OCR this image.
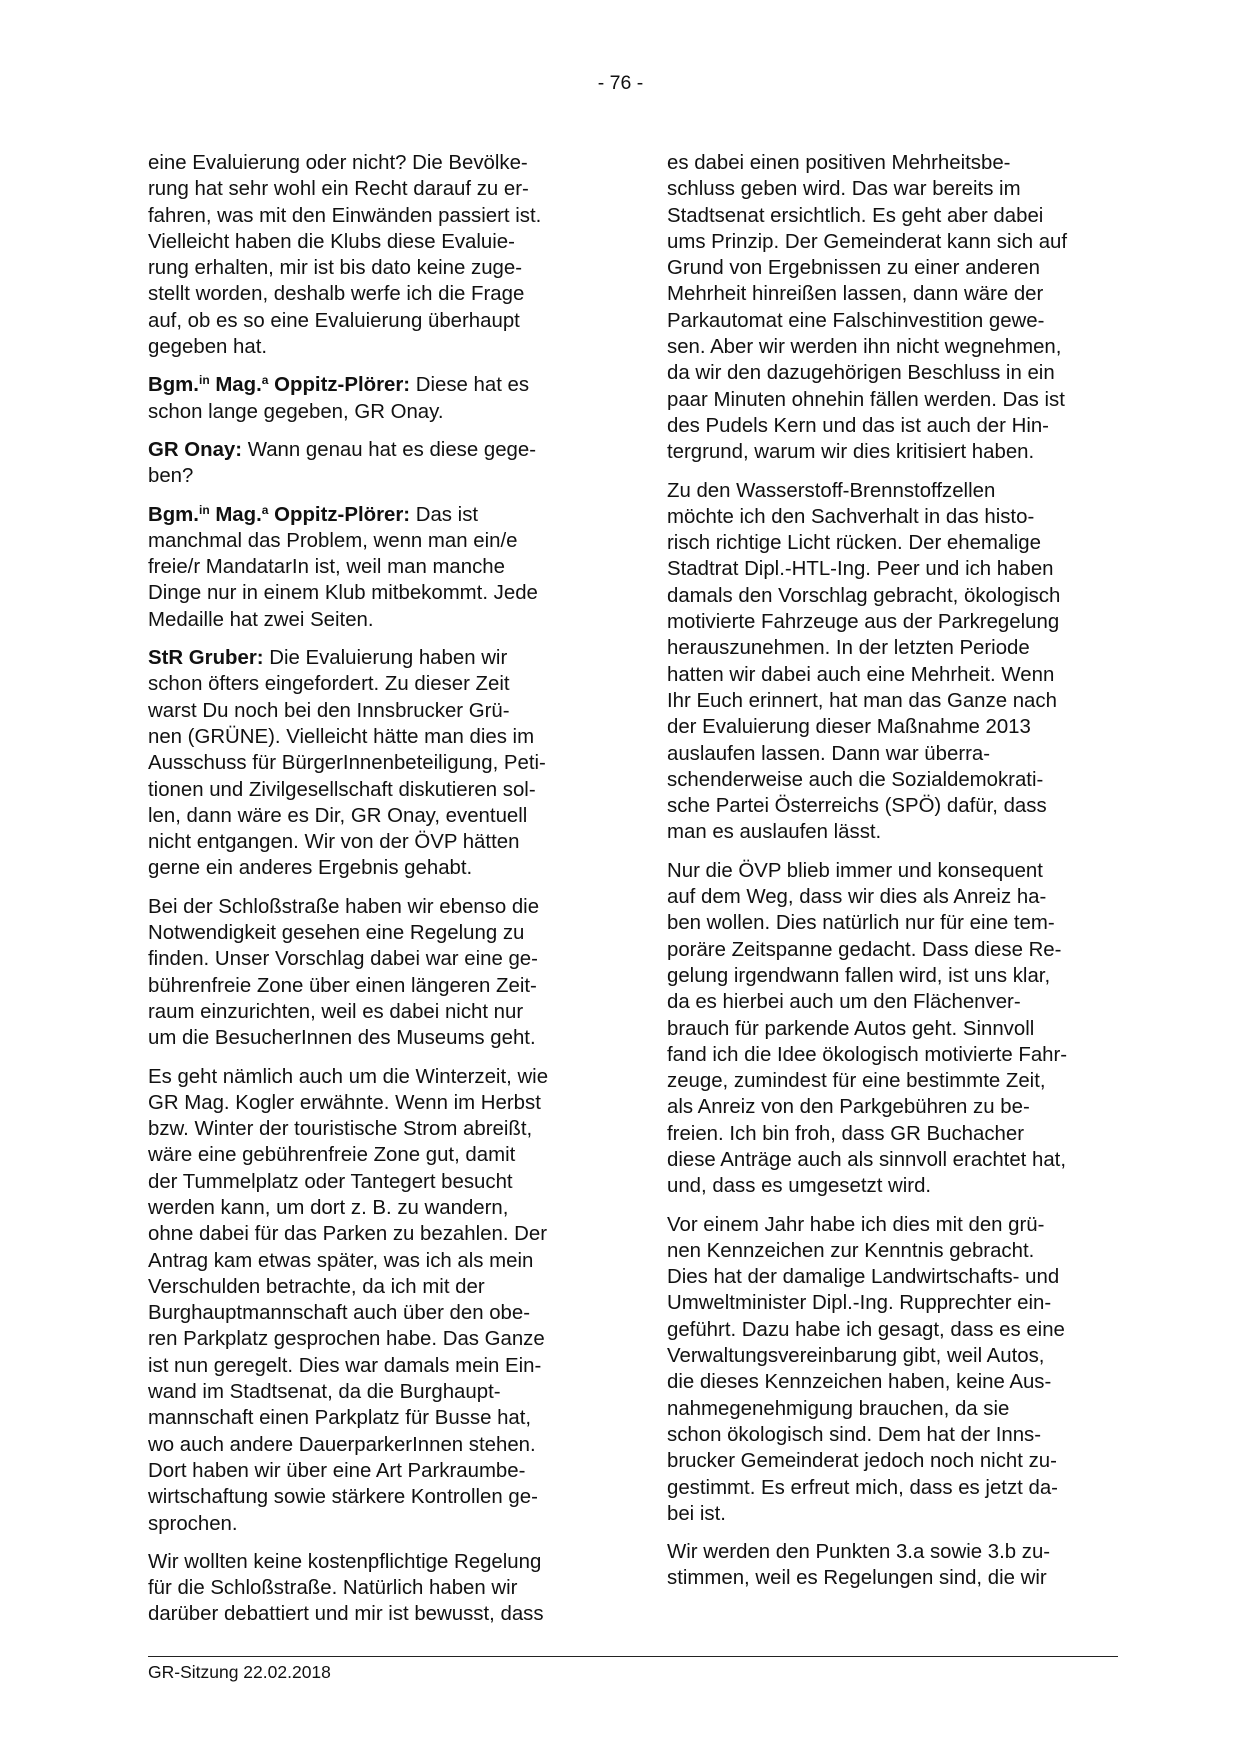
- 76 -

eine Evaluierung oder nicht? Die Bevölke-
rung hat sehr wohl ein Recht darauf zu er-
fahren, was mit den Einwänden passiert ist.
Vielleicht haben die Klubs diese Evaluie-
rung erhalten, mir ist bis dato keine zuge-
stellt worden, deshalb werfe ich die Frage
auf, ob es so eine Evaluierung überhaupt
gegeben hat.

Bgm.$^{in}$ Mag.$^a$ Oppitz-Plörer: Diese hat es
schon lange gegeben, GR Onay.

GR Onay: Wann genau hat es diese gege-
ben?

Bgm.$^{in}$ Mag.$^a$ Oppitz-Plörer: Das ist
manchmal das Problem, wenn man ein/e
freie/r MandatarIn ist, weil man manche
Dinge nur in einem Klub mitbekommt. Jede
Medaille hat zwei Seiten.

StR Gruber: Die Evaluierung haben wir
schon öfters eingefordert. Zu dieser Zeit
warst Du noch bei den Innsbrucker Grü-
nen (GRÜNE). Vielleicht hätte man dies im
Ausschuss für BürgerInnenbeteiligung, Peti-
tionen und Zivilgesellschaft diskutieren sol-
len, dann wäre es Dir, GR Onay, eventuell
nicht entgangen. Wir von der ÖVP hätten
gerne ein anderes Ergebnis gehabt.

Bei der Schloßstraße haben wir ebenso die
Notwendigkeit gesehen eine Regelung zu
finden. Unser Vorschlag dabei war eine ge-
bührenfreie Zone über einen längeren Zeit-
raum einzurichten, weil es dabei nicht nur
um die BesucherInnen des Museums geht.

Es geht nämlich auch um die Winterzeit, wie
GR Mag. Kogler erwähnte. Wenn im Herbst
bzw. Winter der touristische Strom abreißt,
wäre eine gebührenfreie Zone gut, damit
der Tummelplatz oder Tantegert besucht
werden kann, um dort z. B. zu wandern,
ohne dabei für das Parken zu bezahlen. Der
Antrag kam etwas später, was ich als mein
Verschulden betrachte, da ich mit der
Burghauptmannschaft auch über den obe-
ren Parkplatz gesprochen habe. Das Ganze
ist nun geregelt. Dies war damals mein Ein-
wand im Stadtsenat, da die Burghaupt-
mannschaft einen Parkplatz für Busse hat,
wo auch andere DauerparkerInnen stehen.
Dort haben wir über eine Art Parkraumbe-
wirtschaftung sowie stärkere Kontrollen ge-
sprochen.

Wir wollten keine kostenpflichtige Regelung
für die Schloßstraße. Natürlich haben wir
darüber debattiert und mir ist bewusst, dass

es dabei einen positiven Mehrheitsbe-
schluss geben wird. Das war bereits im
Stadtsenat ersichtlich. Es geht aber dabei
ums Prinzip. Der Gemeinderat kann sich auf
Grund von Ergebnissen zu einer anderen
Mehrheit hinreißen lassen, dann wäre der
Parkautomat eine Falschinvestition gewe-
sen. Aber wir werden ihn nicht wegnehmen,
da wir den dazugehörigen Beschluss in ein
paar Minuten ohnehin fällen werden. Das ist
des Pudels Kern und das ist auch der Hin-
tergrund, warum wir dies kritisiert haben.

Zu den Wasserstoff-Brennstoffzellen
möchte ich den Sachverhalt in das histo-
risch richtige Licht rücken. Der ehemalige
Stadtrat Dipl.-HTL-Ing. Peer und ich haben
damals den Vorschlag gebracht, ökologisch
motivierte Fahrzeuge aus der Parkregelung
herauszunehmen. In der letzten Periode
hatten wir dabei auch eine Mehrheit. Wenn
Ihr Euch erinnert, hat man das Ganze nach
der Evaluierung dieser Maßnahme 2013
auslaufen lassen. Dann war überra-
schenderweise auch die Sozialdemokrati-
sche Partei Österreichs (SPÖ) dafür, dass
man es auslaufen lässt.

Nur die ÖVP blieb immer und konsequent
auf dem Weg, dass wir dies als Anreiz ha-
ben wollen. Dies natürlich nur für eine tem-
poräre Zeitspanne gedacht. Dass diese Re-
gelung irgendwann fallen wird, ist uns klar,
da es hierbei auch um den Flächenver-
brauch für parkende Autos geht. Sinnvoll
fand ich die Idee ökologisch motivierte Fahr-
zeuge, zumindest für eine bestimmte Zeit,
als Anreiz von den Parkgebühren zu be-
freien. Ich bin froh, dass GR Buchacher
diese Anträge auch als sinnvoll erachtet hat,
und, dass es umgesetzt wird.

Vor einem Jahr habe ich dies mit den grü-
nen Kennzeichen zur Kenntnis gebracht.
Dies hat der damalige Landwirtschafts- und
Umweltminister Dipl.-Ing. Rupprechter ein-
geführt. Dazu habe ich gesagt, dass es eine
Verwaltungsvereinbarung gibt, weil Autos,
die dieses Kennzeichen haben, keine Aus-
nahmegenehmigung brauchen, da sie
schon ökologisch sind. Dem hat der Inns-
brucker Gemeinderat jedoch noch nicht zu-
gestimmt. Es erfreut mich, dass es jetzt da-
bei ist.

Wir werden den Punkten 3.a sowie 3.b zu-
stimmen, weil es Regelungen sind, die wir

GR-Sitzung 22.02.2018
